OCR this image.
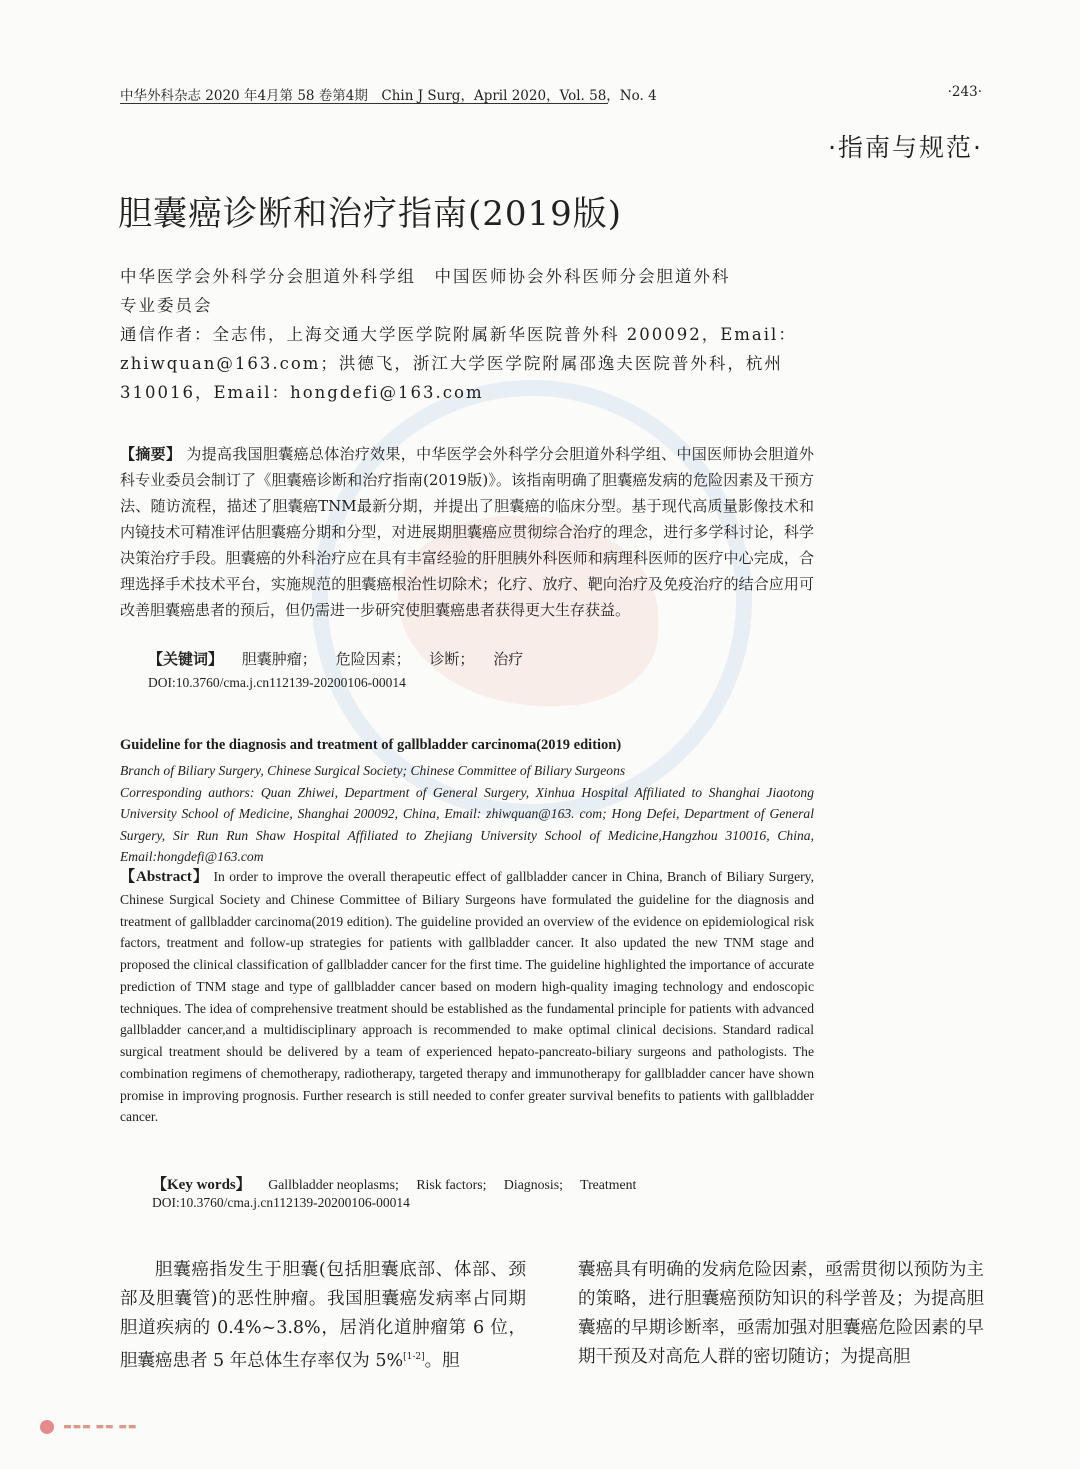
中华外科杂志 2020 年4月第 58 卷第4期　Chin J Surg，April 2020，Vol. 58，No. 4	·243·
·指南与规范·
胆囊癌诊断和治疗指南(2019版)
中华医学会外科学分会胆道外科学组　中国医师协会外科医师分会胆道外科
专业委员会
通信作者：全志伟，上海交通大学医学院附属新华医院普外科 200092，Email：zhiwquan@163.com；洪德飞，浙江大学医学院附属邵逸夫医院普外科，杭州 310016，Email：hongdefi@163.com
【摘要】 为提高我国胆囊癌总体治疗效果，中华医学会外科学分会胆道外科学组、中国医师协会胆道外科专业委员会制订了《胆囊癌诊断和治疗指南(2019版)》。该指南明确了胆囊癌发病的危险因素及干预方法、随访流程，描述了胆囊癌TNM最新分期，并提出了胆囊癌的临床分型。基于现代高质量影像技术和内镜技术可精准评估胆囊癌分期和分型，对进展期胆囊癌应贯彻综合治疗的理念，进行多学科讨论，科学决策治疗手段。胆囊癌的外科治疗应在具有丰富经验的肝胆胰外科医师和病理科医师的医疗中心完成，合理选择手术技术平台，实施规范的胆囊癌根治性切除术；化疗、放疗、靶向治疗及免疫治疗的结合应用可改善胆囊癌患者的预后，但仍需进一步研究使胆囊癌患者获得更大生存获益。
【关键词】 胆囊肿瘤； 危险因素； 诊断； 治疗
DOI:10.3760/cma.j.cn112139-20200106-00014
Guideline for the diagnosis and treatment of gallbladder carcinoma(2019 edition)
Branch of Biliary Surgery, Chinese Surgical Society; Chinese Committee of Biliary Surgeons
Corresponding authors: Quan Zhiwei, Department of General Surgery, Xinhua Hospital Affiliated to Shanghai Jiaotong University School of Medicine, Shanghai 200092, China, Email: zhiwquan@163. com; Hong Defei, Department of General Surgery, Sir Run Run Shaw Hospital Affiliated to Zhejiang University School of Medicine,Hangzhou 310016, China, Email:hongdefi@163.com
【Abstract】 In order to improve the overall therapeutic effect of gallbladder cancer in China, Branch of Biliary Surgery, Chinese Surgical Society and Chinese Committee of Biliary Surgeons have formulated the guideline for the diagnosis and treatment of gallbladder carcinoma(2019 edition). The guideline provided an overview of the evidence on epidemiological risk factors, treatment and follow-up strategies for patients with gallbladder cancer. It also updated the new TNM stage and proposed the clinical classification of gallbladder cancer for the first time. The guideline highlighted the importance of accurate prediction of TNM stage and type of gallbladder cancer based on modern high-quality imaging technology and endoscopic techniques. The idea of comprehensive treatment should be established as the fundamental principle for patients with advanced gallbladder cancer,and a multidisciplinary approach is recommended to make optimal clinical decisions. Standard radical surgical treatment should be delivered by a team of experienced hepato-pancreato-biliary surgeons and pathologists. The combination regimens of chemotherapy, radiotherapy, targeted therapy and immunotherapy for gallbladder cancer have shown promise in improving prognosis. Further research is still needed to confer greater survival benefits to patients with gallbladder cancer.
【Key words】 Gallbladder neoplasms; Risk factors; Diagnosis; Treatment
DOI:10.3760/cma.j.cn112139-20200106-00014
胆囊癌指发生于胆囊(包括胆囊底部、体部、颈部及胆囊管)的恶性肿瘤。我国胆囊癌发病率占同期胆道疾病的 0.4%~3.8%，居消化道肿瘤第 6 位，胆囊癌患者 5 年总体生存率仅为 5%[1-2]。胆
囊癌具有明确的发病危险因素，亟需贯彻以预防为主的策略，进行胆囊癌预防知识的科学普及；为提高胆囊癌的早期诊断率，亟需加强对胆囊癌危险因素的早期干预及对高危人群的密切随访；为提高胆
▬▬▬ ▬▬ ▬▬
